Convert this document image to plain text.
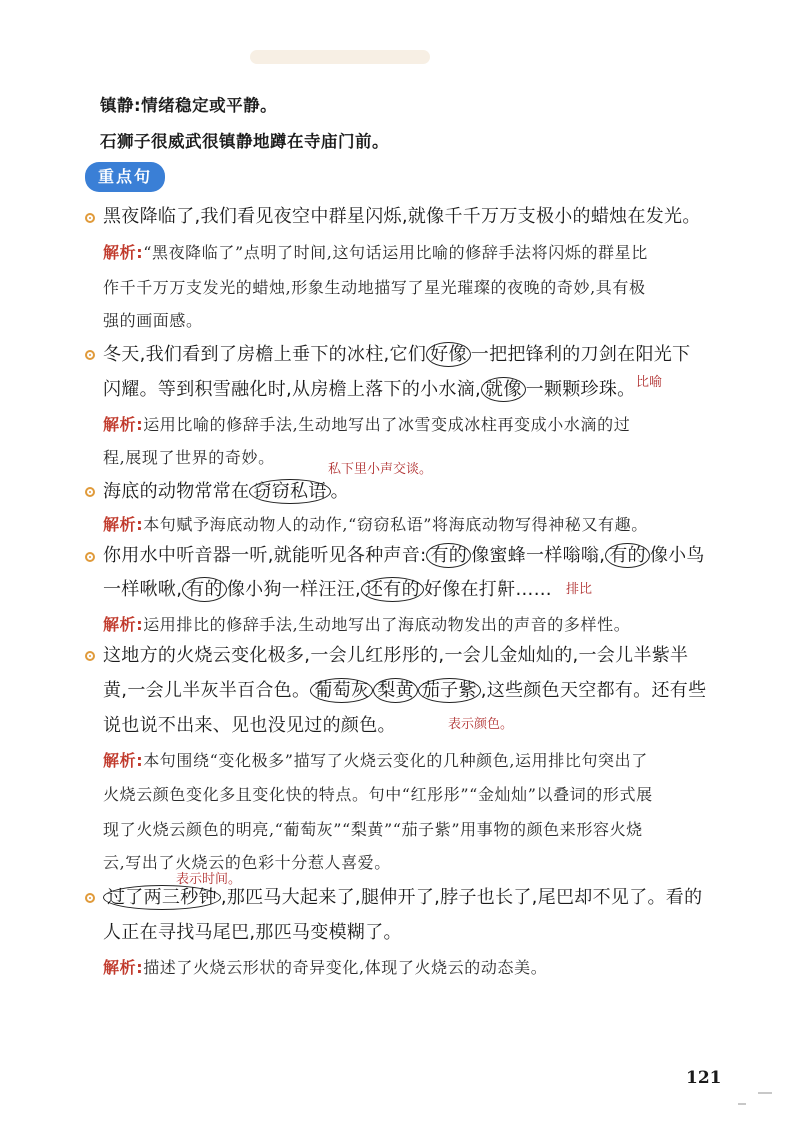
镇静:情绪稳定或平静。
石狮子很威武很镇静地蹲在寺庙门前。
重点句
黑夜降临了,我们看见夜空中群星闪烁,就像千千万万支极小的蜡烛在发光。
解析:“黑夜降临了”点明了时间,这句话运用比喻的修辞手法将闪烁的群星比
作千千万万支发光的蜡烛,形象生动地描写了星光璀璨的夜晚的奇妙,具有极
强的画面感。
冬天,我们看到了房檐上垂下的冰柱,它们 好像 一把把锋利的刀剑在阳光下
闪耀。等到积雪融化时,从房檐上落下的小水滴, 就像 一颗颗珍珠。 比喻
解析:运用比喻的修辞手法,生动地写出了冰雪变成冰柱再变成小水滴的过
程,展现了世界的奇妙。
私下里小声交谈。
海底的动物常常在 窃窃私语 。
解析:本句赋予海底动物人的动作,“窃窃私语”将海底动物写得神秘又有趣。
你用水中听音器一听,就能听见各种声音: 有的 像蜜蜂一样嗡嗡, 有的 像小鸟
一样啾啾, 有的 像小狗一样汪汪, 还有的 好像在打鼾…… 排比
解析:运用排比的修辞手法,生动地写出了海底动物发出的声音的多样性。
这地方的火烧云变化极多,一会儿红彤彤的,一会儿金灿灿的,一会儿半紫半
黄,一会儿半灰半百合色。 葡萄灰 梨黄 茄子紫 ,这些颜色天空都有。还有些
说也说不出来、见也没见过的颜色。	表示颜色。
解析:本句围绕“变化极多”描写了火烧云变化的几种颜色,运用排比句突出了
火烧云颜色变化多且变化快的特点。句中“红彤彤”“金灿灿”以叠词的形式展
现了火烧云颜色的明亮,“葡萄灰”“梨黄”“茄子紫”用事物的颜色来形容火烧
云,写出了火烧云的色彩十分惹人喜爱。
表示时间。
过了两三秒钟 ,那匹马大起来了,腿伸开了,脖子也长了,尾巴却不见了。看的
人正在寻找马尾巴,那匹马变模糊了。
解析:描述了火烧云形状的奇异变化,体现了火烧云的动态美。
121
